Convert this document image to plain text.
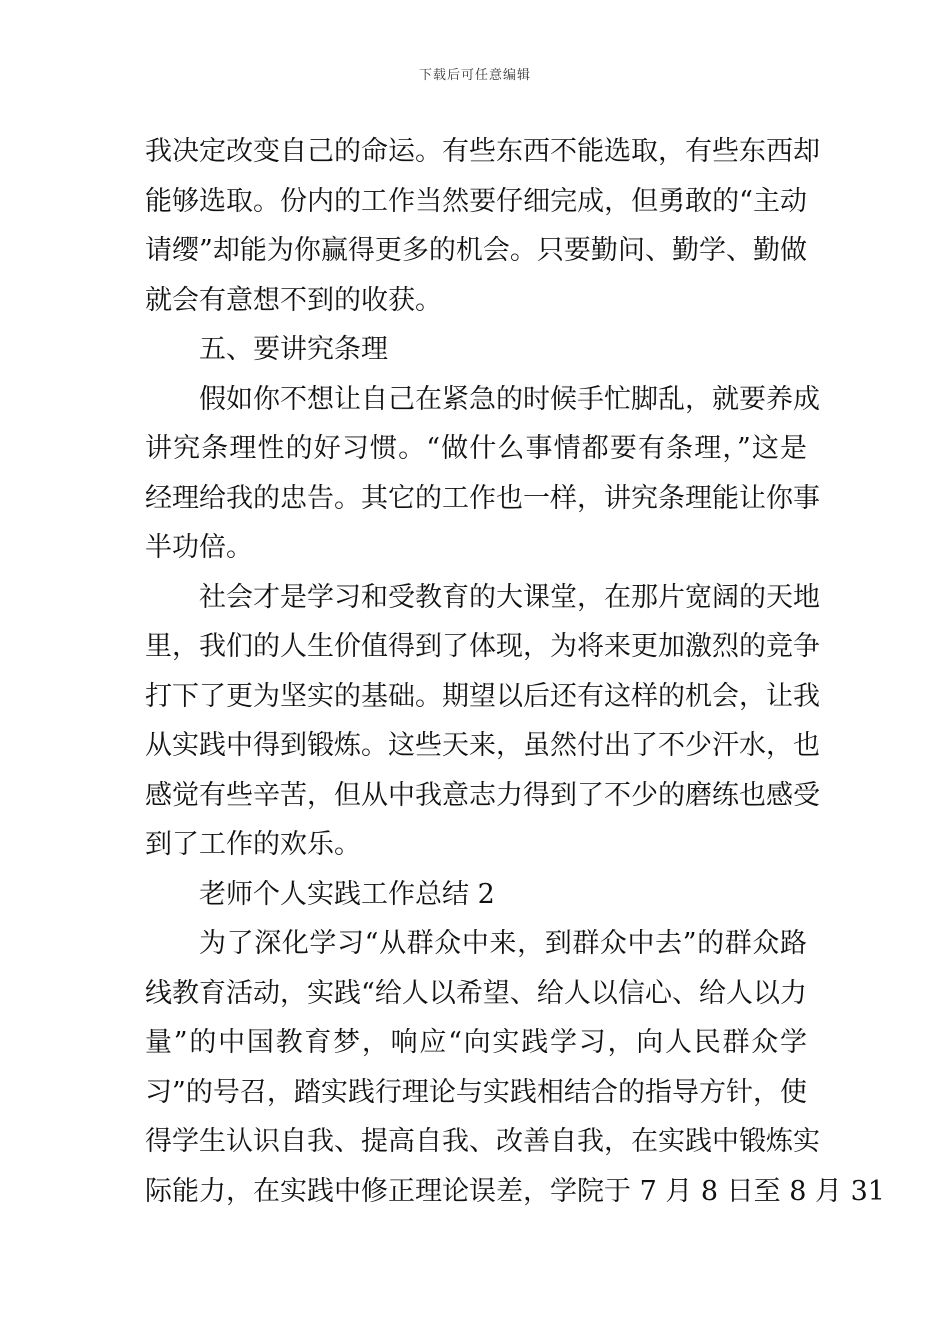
下载后可任意编辑
我决定改变自己的命运。有些东西不能选取，有些东西却
能够选取。份内的工作当然要仔细完成，但勇敢的“主动
请缨”却能为你赢得更多的机会。只要勤问、勤学、勤做
就会有意想不到的收获。
五、要讲究条理
假如你不想让自己在紧急的时候手忙脚乱，就要养成
讲究条理性的好习惯。“做什么事情都要有条理，”这是
经理给我的忠告。其它的工作也一样，讲究条理能让你事
半功倍。
社会才是学习和受教育的大课堂，在那片宽阔的天地
里，我们的人生价值得到了体现，为将来更加激烈的竞争
打下了更为坚实的基础。期望以后还有这样的机会，让我
从实践中得到锻炼。这些天来，虽然付出了不少汗水，也
感觉有些辛苦，但从中我意志力得到了不少的磨练也感受
到了工作的欢乐。
老师个人实践工作总结 2
为了深化学习“从群众中来，到群众中去”的群众路
线教育活动，实践“给人以希望、给人以信心、给人以力
量”的中国教育梦，响应“向实践学习，向人民群众学
习”的号召，踏实践行理论与实践相结合的指导方针，使
得学生认识自我、提高自我、改善自我，在实践中锻炼实
际能力，在实践中修正理论误差，学院于 7 月 8 日至 8 月 31
